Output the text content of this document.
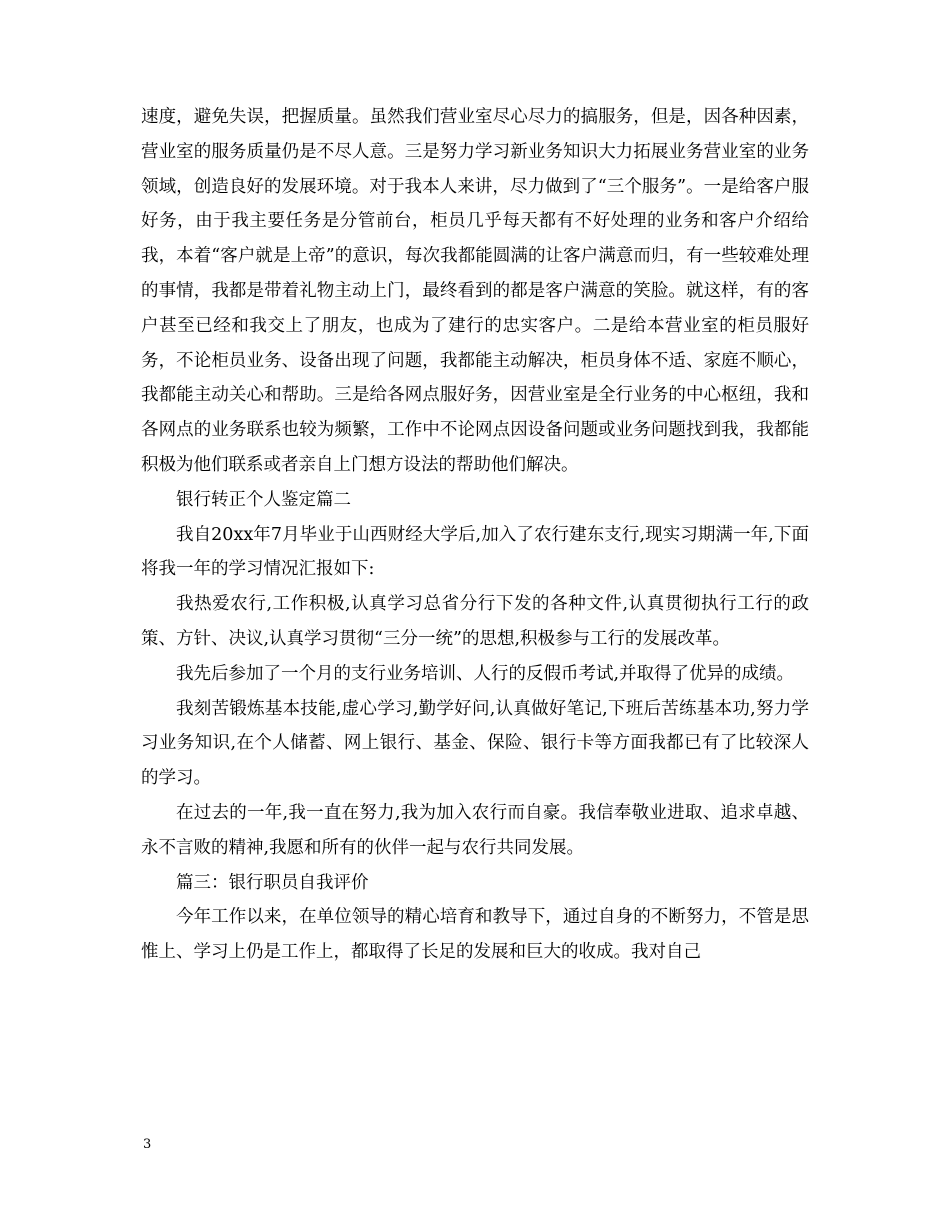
速度，避免失误，把握质量。虽然我们营业室尽心尽力的搞服务，但是，因各种因素，营业室的服务质量仍是不尽人意。三是努力学习新业务知识大力拓展业务营业室的业务领域，创造良好的发展环境。对于我本人来讲，尽力做到了“三个服务”。一是给客户服好务，由于我主要任务是分管前台，柜员几乎每天都有不好处理的业务和客户介绍给我，本着“客户就是上帝”的意识，每次我都能圆满的让客户满意而归，有一些较难处理的事情，我都是带着礼物主动上门，最终看到的都是客户满意的笑脸。就这样，有的客户甚至已经和我交上了朋友，也成为了建行的忠实客户。二是给本营业室的柜员服好务，不论柜员业务、设备出现了问题，我都能主动解决，柜员身体不适、家庭不顺心，我都能主动关心和帮助。三是给各网点服好务，因营业室是全行业务的中心枢纽，我和各网点的业务联系也较为频繁，工作中不论网点因设备问题或业务问题找到我，我都能积极为他们联系或者亲自上门想方设法的帮助他们解决。

银行转正个人鉴定篇二

我自20xx年7月毕业于山西财经大学后,加入了农行建东支行,现实习期满一年,下面将我一年的学习情况汇报如下:

我热爱农行,工作积极,认真学习总省分行下发的各种文件,认真贯彻执行工行的政策、方针、决议,认真学习贯彻“三分一统”的思想,积极参与工行的发展改革。

我先后参加了一个月的支行业务培训、人行的反假币考试,并取得了优异的成绩。

我刻苦锻炼基本技能,虚心学习,勤学好问,认真做好笔记,下班后苦练基本功,努力学习业务知识,在个人储蓄、网上银行、基金、保险、银行卡等方面我都已有了比较深人的学习。

在过去的一年,我一直在努力,我为加入农行而自豪。我信奉敬业进取、追求卓越、永不言败的精神,我愿和所有的伙伴一起与农行共同发展。

篇三：银行职员自我评价

今年工作以来，在单位领导的精心培育和教导下，通过自身的不断努力，不管是思惟上、学习上仍是工作上，都取得了长足的发展和巨大的收成。我对自己

3
